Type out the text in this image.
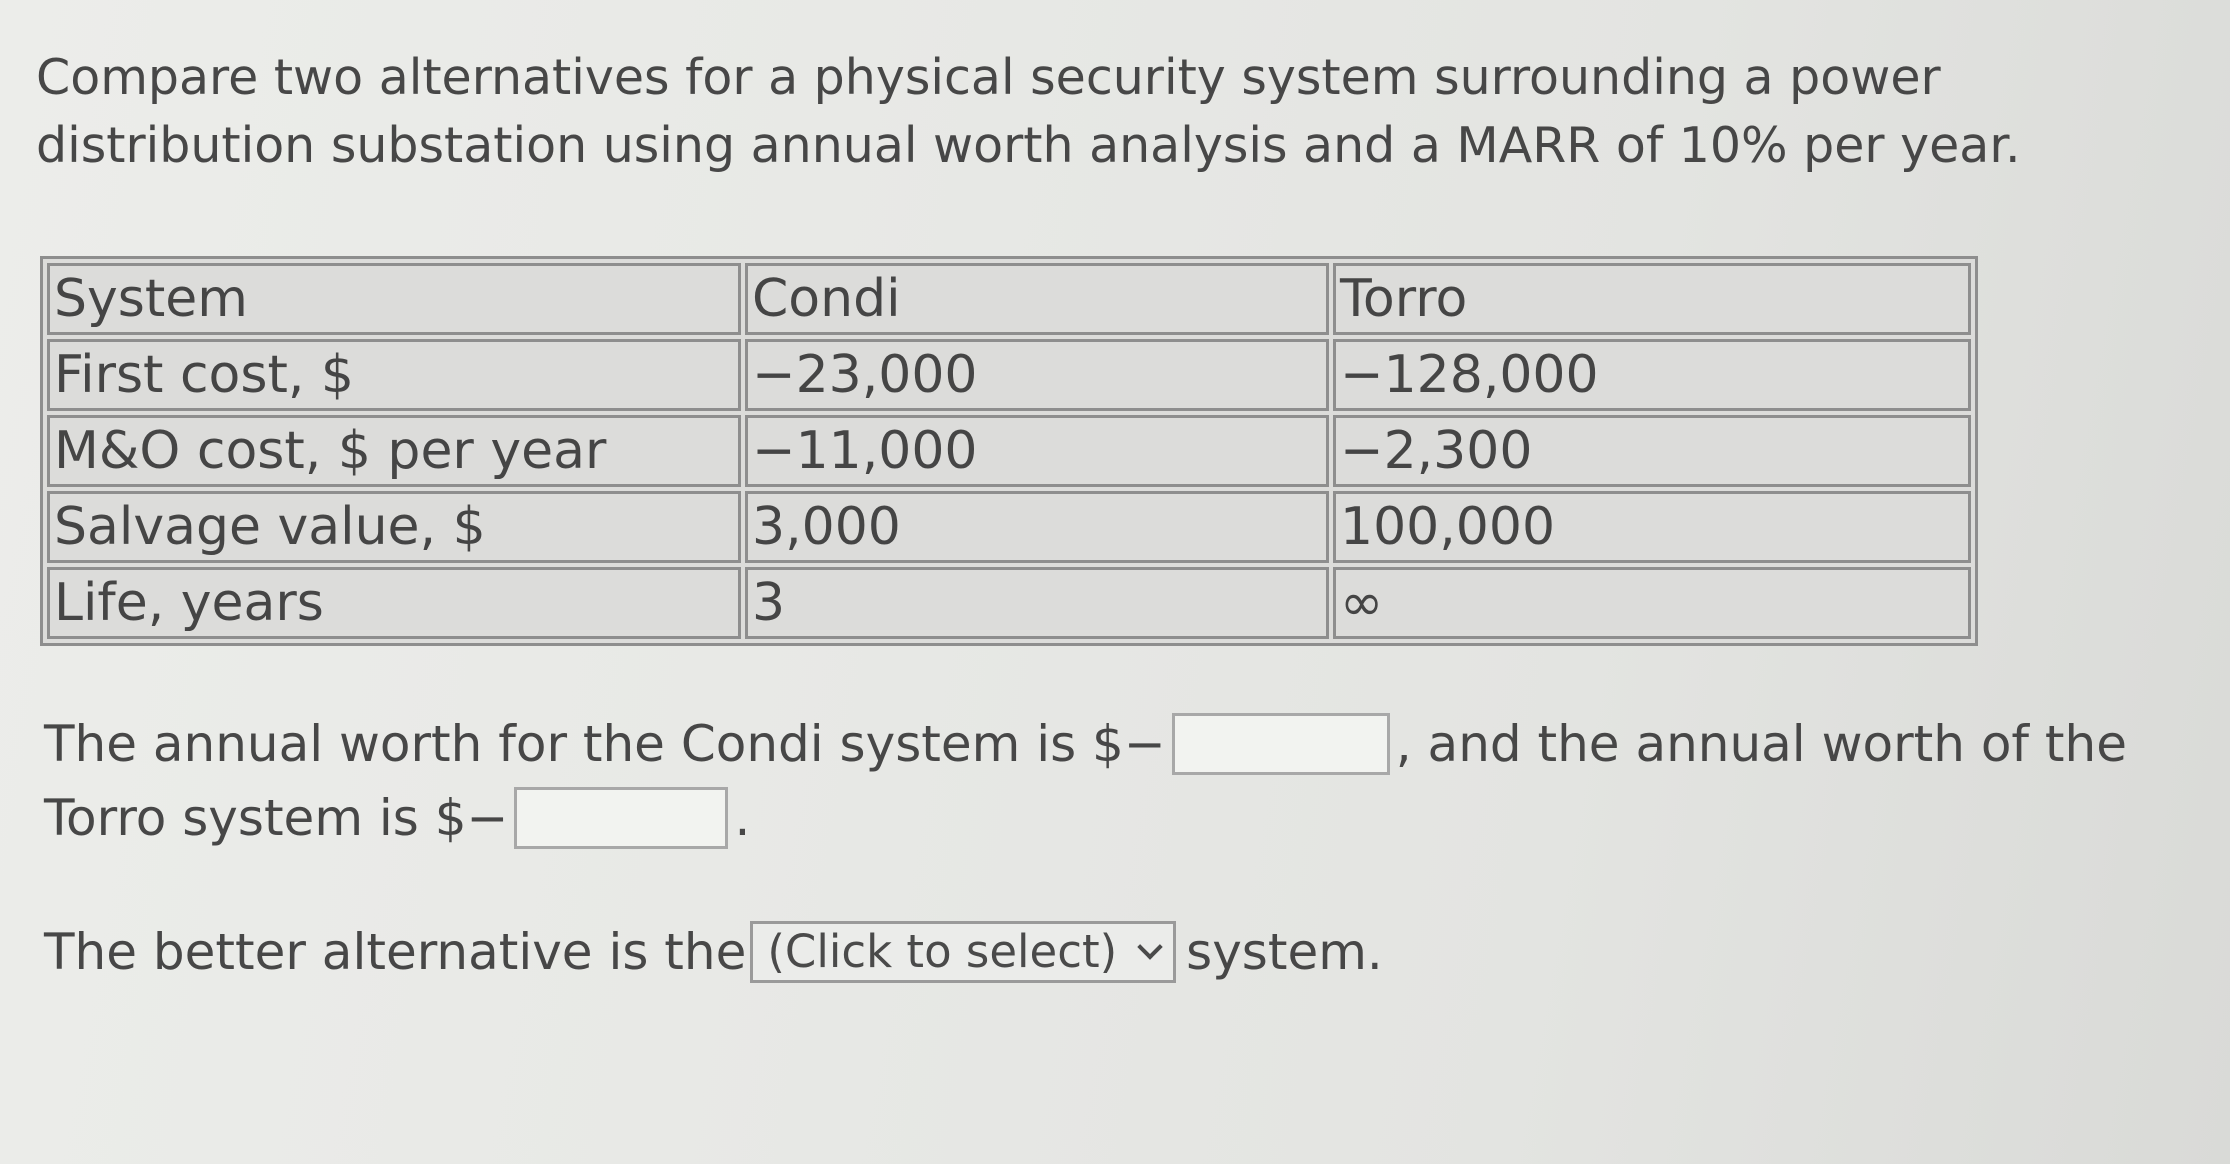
Compare two alternatives for a physical security system surrounding a power distribution substation using annual worth analysis and a MARR of 10% per year.

System	Condi	Torro
First cost, $	−23,000	−128,000
M&O cost, $ per year	−11,000	−2,300
Salvage value, $	3,000	100,000
Life, years	3	∞

The annual worth for the Condi system is $−	, and the annual worth of the

Torro system is $−	.

The better alternative is the (Click to select) system.
